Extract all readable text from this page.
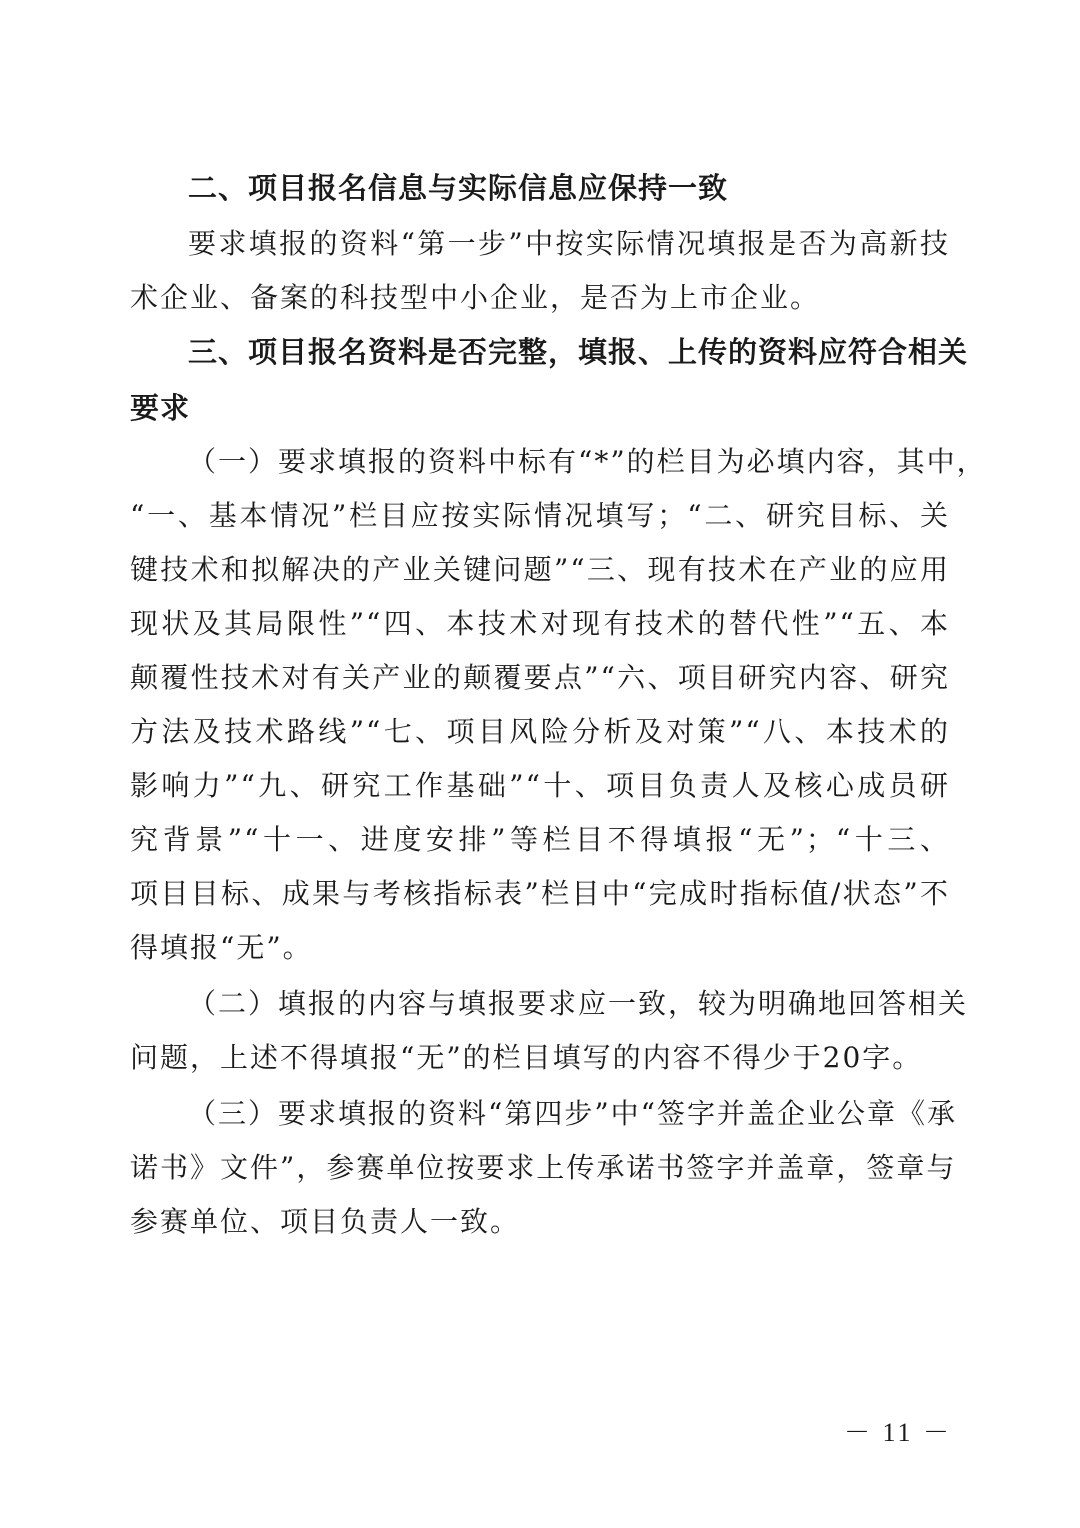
二、项目报名信息与实际信息应保持一致
要求填报的资料“第一步”中按实际情况填报是否为高新技
术企业、备案的科技型中小企业，是否为上市企业。
三、项目报名资料是否完整，填报、上传的资料应符合相关
要求
（一）要求填报的资料中标有“*”的栏目为必填内容，其中，
“一、基本情况”栏目应按实际情况填写；“二、研究目标、关
键技术和拟解决的产业关键问题”“三、现有技术在产业的应用
现状及其局限性”“四、本技术对现有技术的替代性”“五、本
颠覆性技术对有关产业的颠覆要点”“六、项目研究内容、研究
方法及技术路线”“七、项目风险分析及对策”“八、本技术的
影响力”“九、研究工作基础”“十、项目负责人及核心成员研
究背景”“十一、进度安排”等栏目不得填报“无”；“十三、
项目目标、成果与考核指标表”栏目中“完成时指标值/状态”不
得填报“无”。
（二）填报的内容与填报要求应一致，较为明确地回答相关
问题，上述不得填报“无”的栏目填写的内容不得少于20字。
（三）要求填报的资料“第四步”中“签字并盖企业公章《承
诺书》文件”，参赛单位按要求上传承诺书签字并盖章，签章与
参赛单位、项目负责人一致。
－ 11 －
